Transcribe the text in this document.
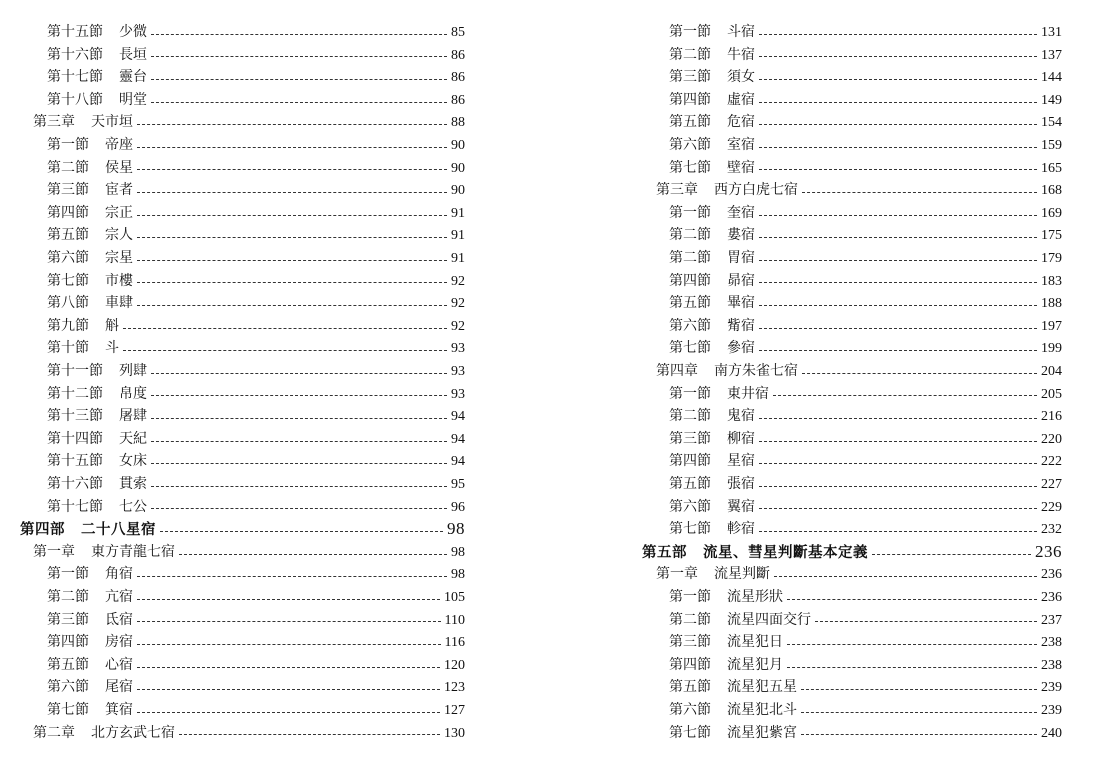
第十五節 少微	85
第十六節 長垣	86
第十七節 靈台	86
第十八節 明堂	86
第三章 天市垣	88
第一節 帝座	90
第二節 侯星	90
第三節 宦者	90
第四節 宗正	91
第五節 宗人	91
第六節 宗星	91
第七節 市樓	92
第八節 車肆	92
第九節 斛	92
第十節 斗	93
第十一節 列肆	93
第十二節 帛度	93
第十三節 屠肆	94
第十四節 天紀	94
第十五節 女床	94
第十六節 貫索	95
第十七節 七公	96
第四部 二十八星宿	98
第一章 東方青龍七宿	98
第一節 角宿	98
第二節 亢宿	105
第三節 氐宿	110
第四節 房宿	116
第五節 心宿	120
第六節 尾宿	123
第七節 箕宿	127
第二章 北方玄武七宿	130
第一節 斗宿	131
第二節 牛宿	137
第三節 須女	144
第四節 虛宿	149
第五節 危宿	154
第六節 室宿	159
第七節 壁宿	165
第三章 西方白虎七宿	168
第一節 奎宿	169
第二節 婁宿	175
第二節 胃宿	179
第四節 昴宿	183
第五節 畢宿	188
第六節 觜宿	197
第七節 參宿	199
第四章 南方朱雀七宿	204
第一節 東井宿	205
第二節 鬼宿	216
第三節 柳宿	220
第四節 星宿	222
第五節 張宿	227
第六節 翼宿	229
第七節 軫宿	232
第五部 流星、彗星判斷基本定義	236
第一章 流星判斷	236
第一節 流星形狀	236
第二節 流星四面交行	237
第三節 流星犯日	238
第四節 流星犯月	238
第五節 流星犯五星	239
第六節 流星犯北斗	239
第七節 流星犯紫宮	240
